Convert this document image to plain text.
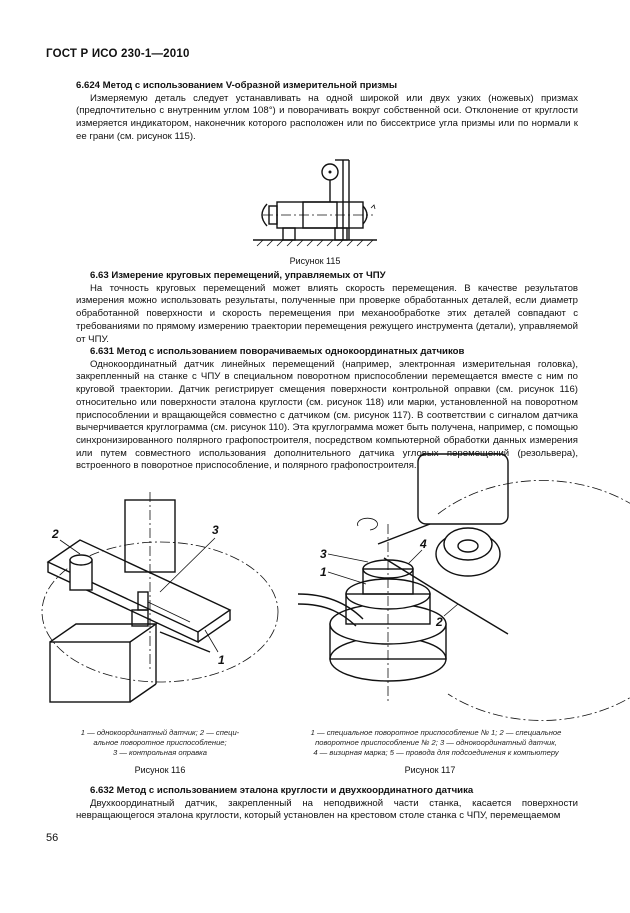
ГОСТ Р ИСО 230-1—2010

6.624 Метод с использованием V-образной измерительной призмы

Измеряемую деталь следует устанавливать на одной широкой или двух узких (ножевых) призмах (предпочтительно с внутренним углом 108°) и поворачивать вокруг собственной оси. Отклонение от круглости измеряется индикатором, наконечник которого расположен или по биссектрисе угла призмы или по нормали к ее грани (см. рисунок 115).

Рисунок 115

6.63 Измерение круговых перемещений, управляемых от ЧПУ

На точность круговых перемещений может влиять скорость перемещения. В качестве результатов измерения можно использовать результаты, полученные при проверке обработанных деталей, если диаметр обработанной поверхности и скорость перемещения при механообработке этих деталей совпадают с требованиями по прямому измерению траектории перемещения режущего инструмента (детали), управляемой от ЧПУ.

6.631 Метод с использованием поворачиваемых однокоординатных датчиков

Однокоординатный датчик линейных перемещений (например, электронная измерительная головка), закрепленный на станке с ЧПУ в специальном поворотном приспособлении перемещается вместе с ним по круговой траектории. Датчик регистрирует смещения поверхности контрольной оправки (см. рисунок 116) относительно или поверхности эталона круглости (см. рисунок 118) или марки, установленной на поворотном приспособлении и вращающейся совместно с датчиком (см. рисунок 117). В соответствии с сигналом датчика вычерчивается круглограмма (см. рисунок 110). Эта круглограмма может быть получена, например, с помощью синхронизированного полярного графопостроителя, посредством компьютерной обработки данных измерения или путем совместного использования дополнительного датчика угловых перемещений (резольвера), встроенного в поворотное приспособление, и полярного графопостроителя.

2	3
1
1 — однокоординатный датчик; 2 — специ-
альное поворотное приспособление;
3 — контрольная оправка
Рисунок 116
3
1
4
2
1 — специальное поворотное приспособление № 1; 2 — специальное
поворотное приспособление № 2; 3 — однокоординатный датчик,
4 — визирная марка; 5 — провода для подсоединения к компьютеру
Рисунок 117

6.632 Метод с использованием эталона круглости и двухкоординатного датчика

Двухкоординатный датчик, закрепленный на неподвижной части станка, касается поверхности невращающегося эталона круглости, который установлен на крестовом столе станка с ЧПУ, перемещаемом

56
